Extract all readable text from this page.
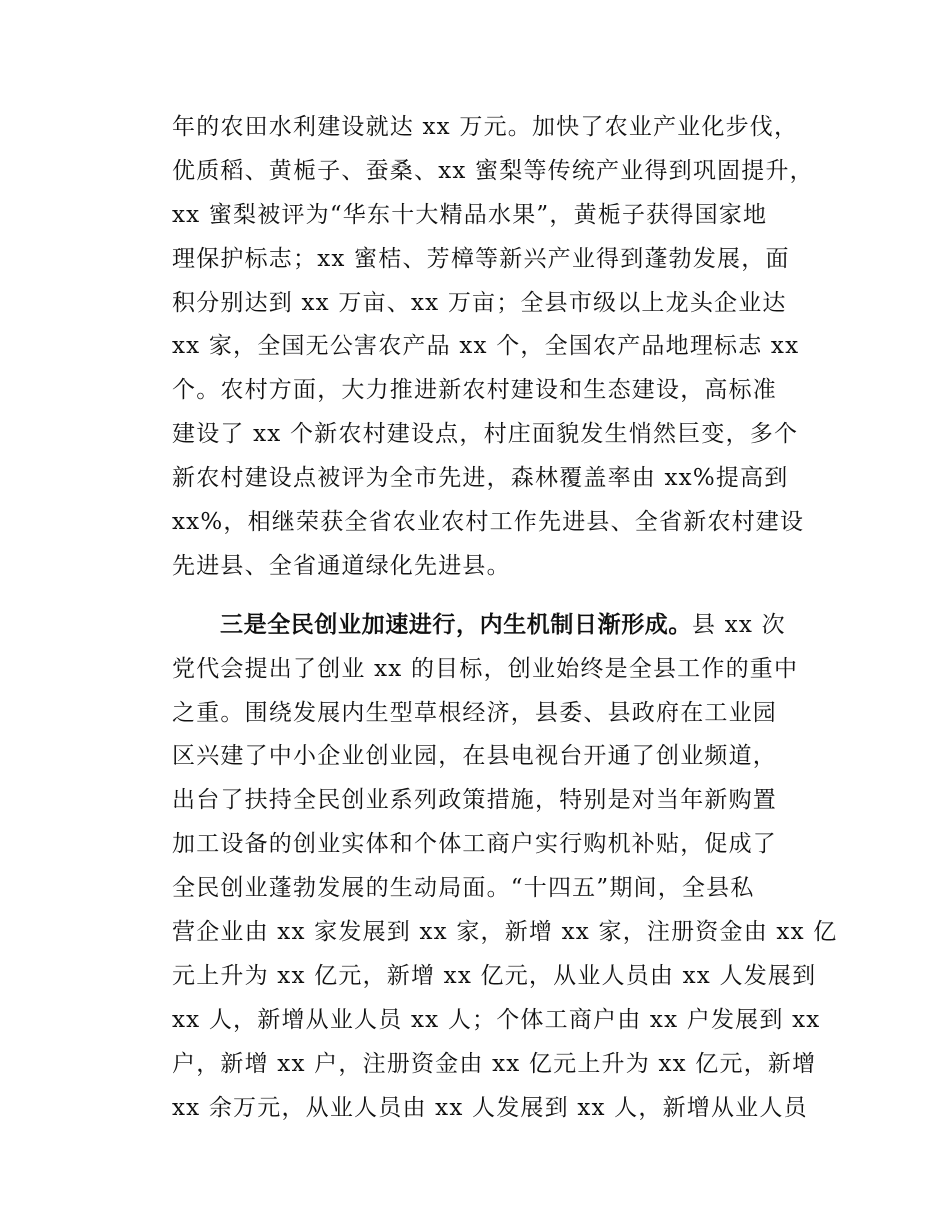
年的农田水利建设就达 xx 万元。加快了农业产业化步伐，
优质稻、黄栀子、蚕桑、xx 蜜梨等传统产业得到巩固提升，
xx 蜜梨被评为“华东十大精品水果”，黄栀子获得国家地
理保护标志；xx 蜜桔、芳樟等新兴产业得到蓬勃发展，面
积分别达到 xx 万亩、xx 万亩；全县市级以上龙头企业达
xx 家，全国无公害农产品 xx 个，全国农产品地理标志 xx
个。农村方面，大力推进新农村建设和生态建设，高标准
建设了 xx 个新农村建设点，村庄面貌发生悄然巨变，多个
新农村建设点被评为全市先进，森林覆盖率由 xx%提高到
xx%，相继荣获全省农业农村工作先进县、全省新农村建设
先进县、全省通道绿化先进县。
三是全民创业加速进行，内生机制日渐形成。县 xx 次
党代会提出了创业 xx 的目标，创业始终是全县工作的重中
之重。围绕发展内生型草根经济，县委、县政府在工业园
区兴建了中小企业创业园，在县电视台开通了创业频道，
出台了扶持全民创业系列政策措施，特别是对当年新购置
加工设备的创业实体和个体工商户实行购机补贴，促成了
全民创业蓬勃发展的生动局面。“十四五”期间，全县私
营企业由 xx 家发展到 xx 家，新增 xx 家，注册资金由 xx 亿
元上升为 xx 亿元，新增 xx 亿元，从业人员由 xx 人发展到
xx 人，新增从业人员 xx 人；个体工商户由 xx 户发展到 xx
户，新增 xx 户，注册资金由 xx 亿元上升为 xx 亿元，新增
xx 余万元，从业人员由 xx 人发展到 xx 人，新增从业人员
